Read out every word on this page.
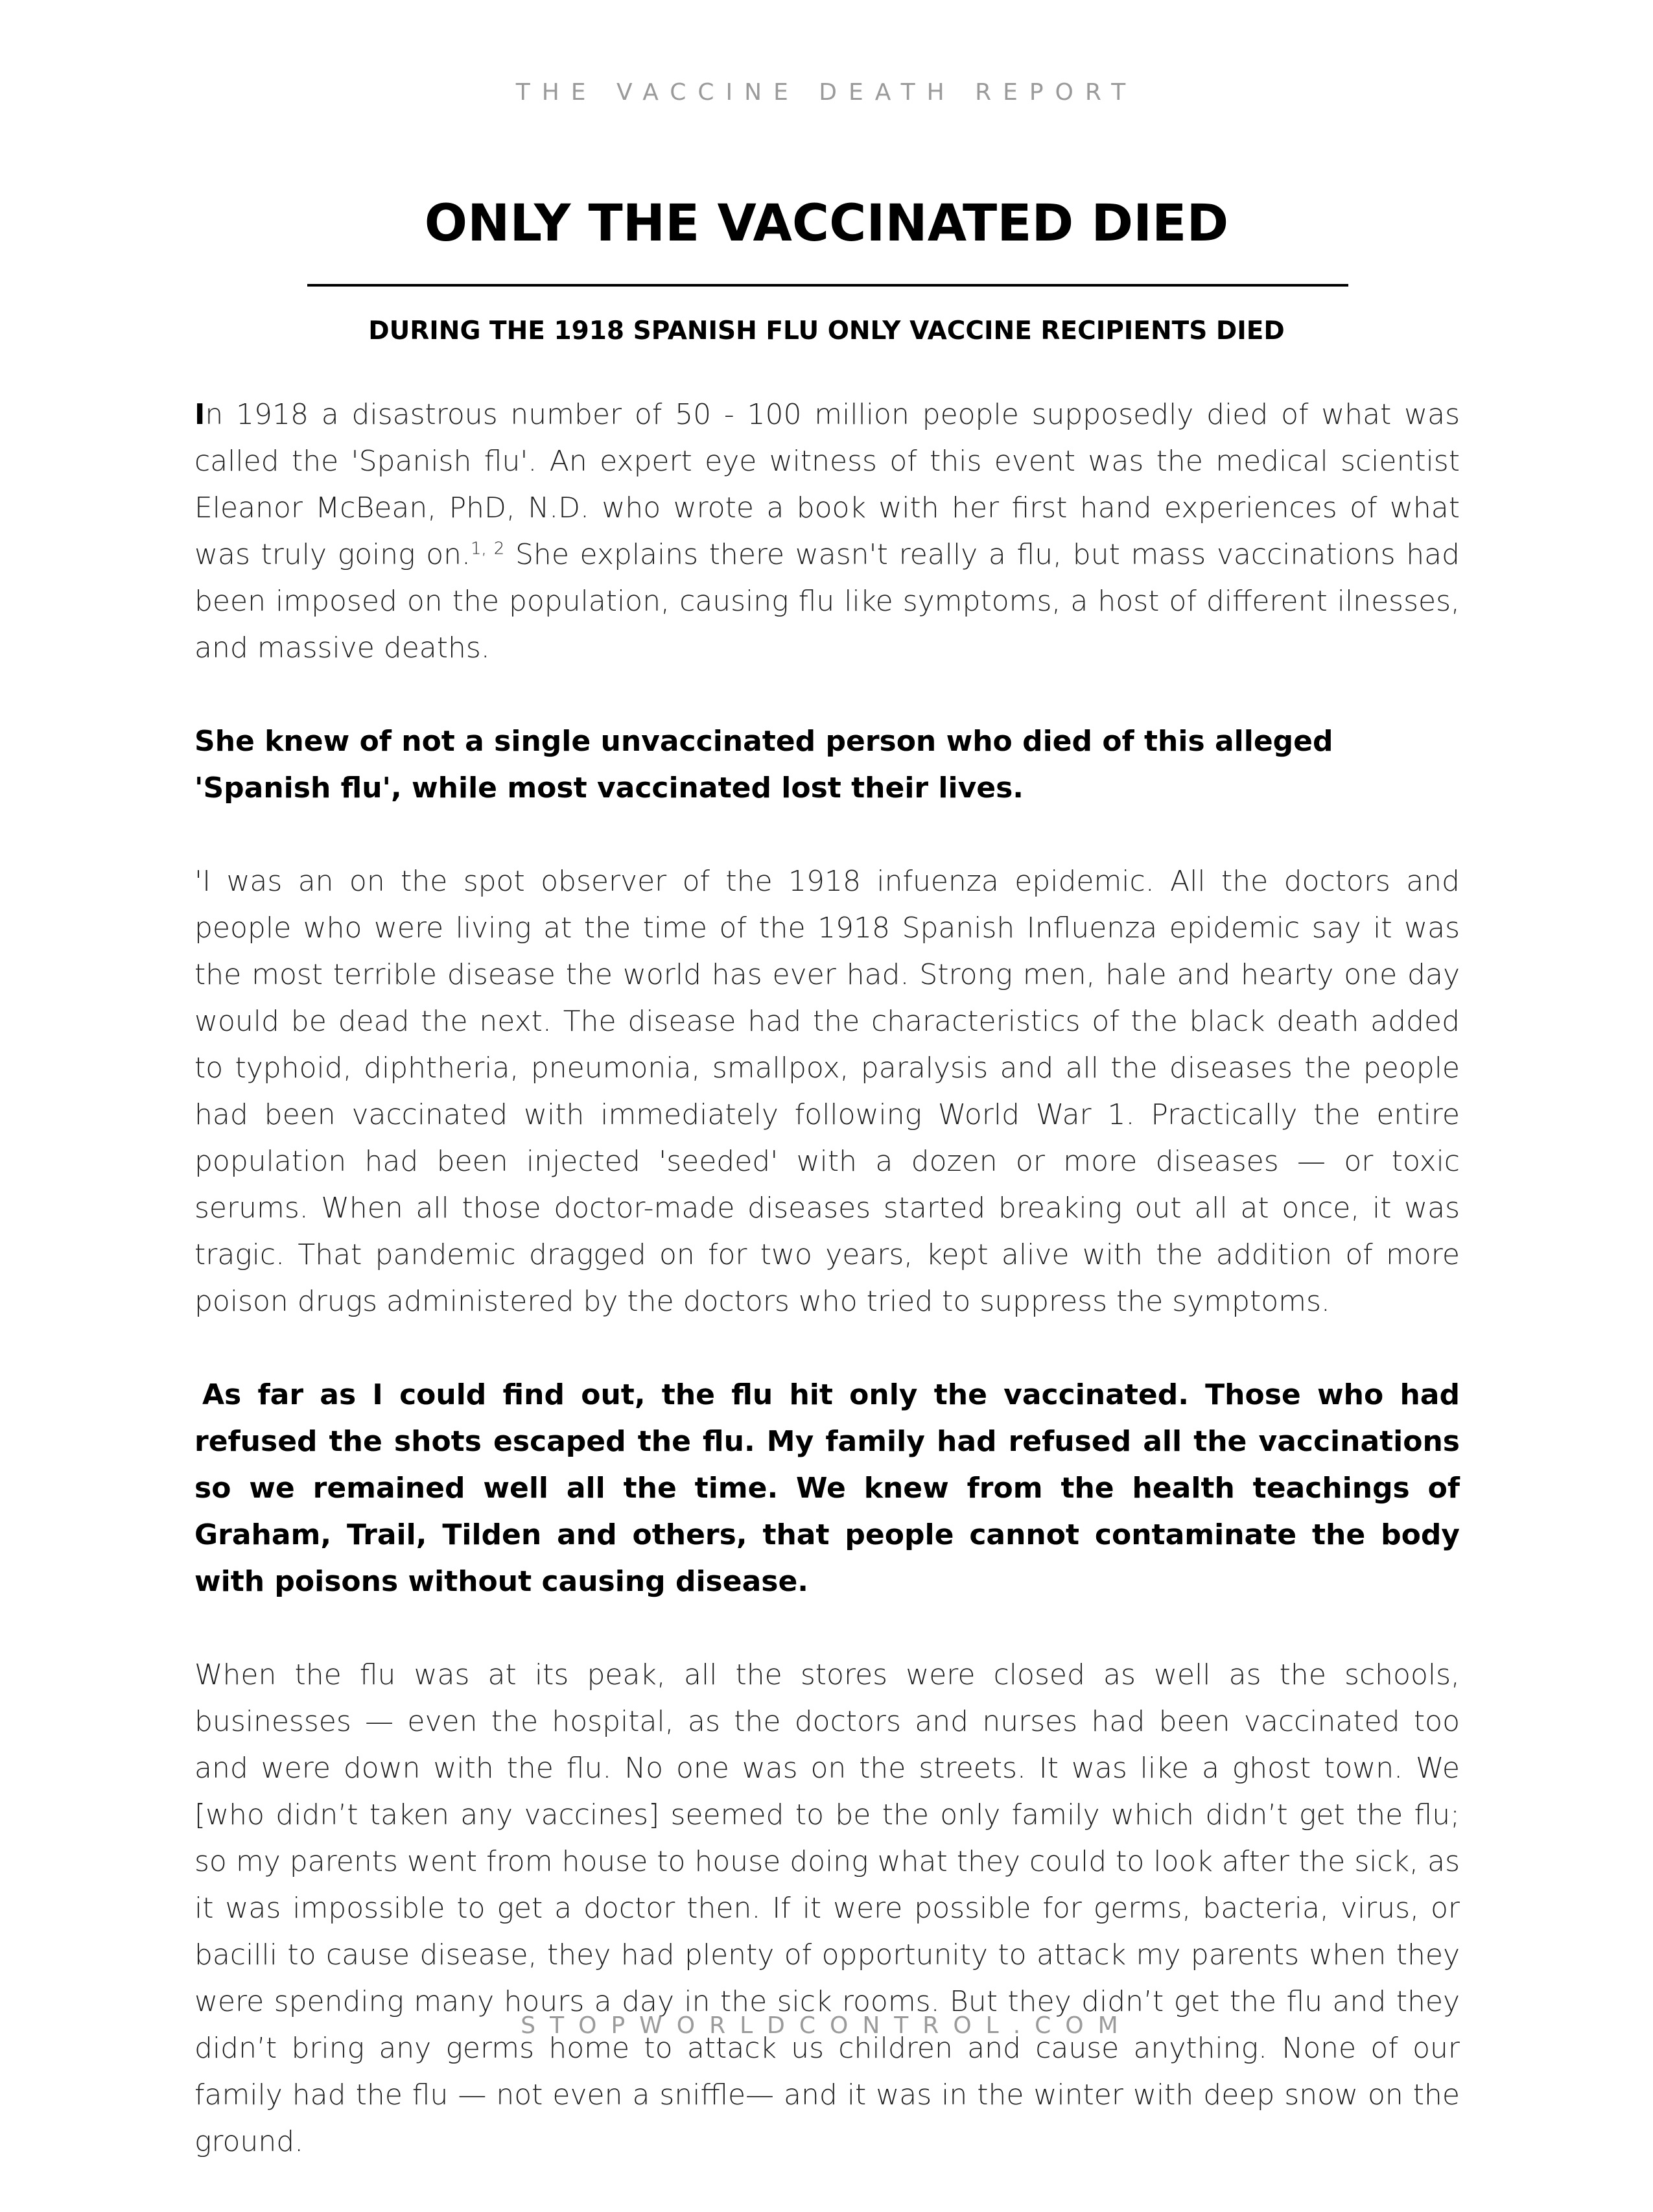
THE VACCINE DEATH REPORT
ONLY THE VACCINATED DIED
DURING THE 1918 SPANISH FLU ONLY VACCINE RECIPIENTS DIED

In 1918 a disastrous number of 50 - 100 million people supposedly died of what was called the 'Spanish flu'. An expert eye witness of this event was the medical scientist Eleanor McBean, PhD, N.D. who wrote a book with her first hand experiences of what was truly going on.$^{1, 2}$ She explains there wasn't really a flu, but mass vaccinations had been imposed on the population, causing flu like symptoms, a host of different ilnesses, and massive deaths.

She knew of not a single unvaccinated person who died of this alleged 'Spanish flu', while most vaccinated lost their lives.

'I was an on the spot observer of the 1918 infuenza epidemic. All the doctors and people who were living at the time of the 1918 Spanish Influenza epidemic say it was the most terrible disease the world has ever had. Strong men, hale and hearty one day would be dead the next. The disease had the characteristics of the black death added to typhoid, diphtheria, pneumonia, smallpox, paralysis and all the diseases the people had been vaccinated with immediately following World War 1. Practically the entire population had been injected 'seeded' with a dozen or more diseases — or toxic serums. When all those doctor-made diseases started breaking out all at once, it was tragic. That pandemic dragged on for two years, kept alive with the addition of more poison drugs administered by the doctors who tried to suppress the symptoms.

As far as I could find out, the flu hit only the vaccinated. Those who had refused the shots escaped the flu. My family had refused all the vaccinations so we remained well all the time. We knew from the health teachings of Graham, Trail, Tilden and others, that people cannot contaminate the body with poisons without causing disease.

When the flu was at its peak, all the stores were closed as well as the schools, businesses — even the hospital, as the doctors and nurses had been vaccinated too and were down with the flu. No one was on the streets. It was like a ghost town. We [who didn’t taken any vaccines] seemed to be the only family which didn’t get the flu; so my parents went from house to house doing what they could to look after the sick, as it was impossible to get a doctor then. If it were possible for germs, bacteria, virus, or bacilli to cause disease, they had plenty of opportunity to attack my parents when they were spending many hours a day in the sick rooms. But they didn’t get the flu and they didn’t bring any germs home to attack us children and cause anything. None of our family had the flu — not even a sniffle— and it was in the winter with deep snow on the ground.

STOPWORLDCONTROL.COM
